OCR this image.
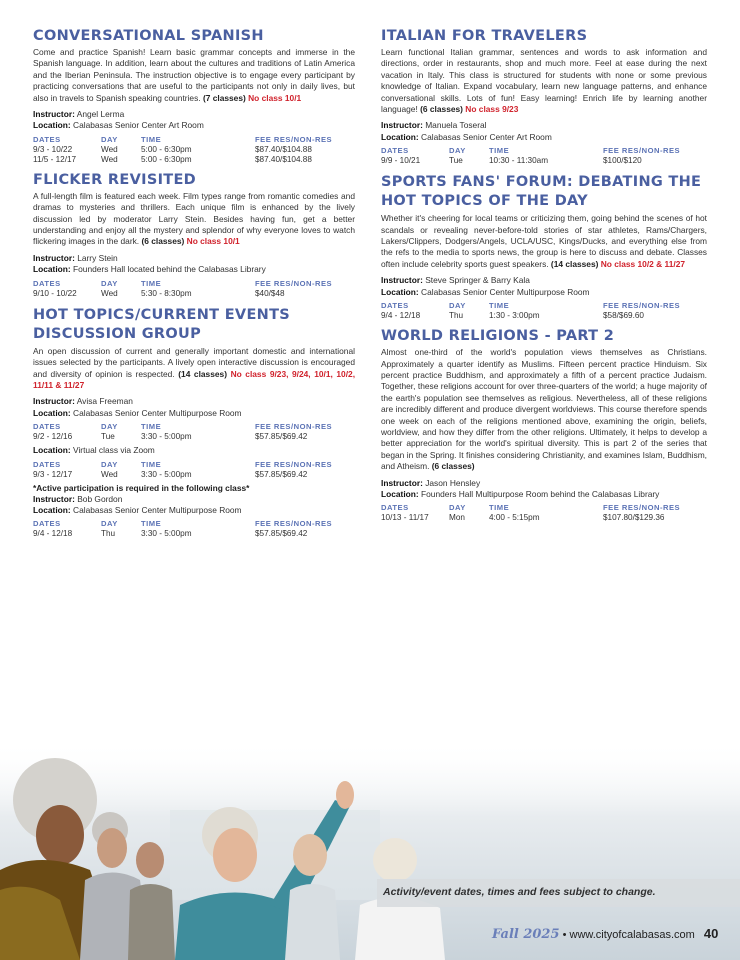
CONVERSATIONAL SPANISH

Come and practice Spanish! Learn basic grammar concepts and immerse in the Spanish language. In addition, learn about the cultures and traditions of Latin America and the Iberian Peninsula. The instruction objective is to engage every participant by practicing conversations that are useful to the participants not only in daily lives, but also in travels to Spanish speaking countries. (7 classes) No class 10/1

Instructor: Angel Lerma
Location: Calabasas Senior Center Art Room
DATES	DAY	TIME	FEE RES/NON-RES
9/3 - 10/22	Wed	5:00 - 6:30pm	$87.40/$104.88
11/5 - 12/17	Wed	5:00 - 6:30pm	$87.40/$104.88
FLICKER REVISITED

A full-length film is featured each week. Film types range from romantic comedies and dramas to mysteries and thrillers. Each unique film is enhanced by the lively discussion led by moderator Larry Stein. Besides having fun, get a better understanding and enjoy all the mystery and splendor of why everyone loves to watch flickering images in the dark. (6 classes) No class 10/1

Instructor: Larry Stein
Location: Founders Hall located behind the Calabasas Library
DATES	DAY	TIME	FEE RES/NON-RES
9/10 - 10/22	Wed	5:30 - 8:30pm	$40/$48
HOT TOPICS/CURRENT EVENTS DISCUSSION GROUP

An open discussion of current and generally important domestic and international issues selected by the participants. A lively open interactive discussion is encouraged and diversity of opinion is respected. (14 classes) No class 9/23, 9/24, 10/1, 10/2, 11/11 & 11/27

Instructor: Avisa Freeman
Location: Calabasas Senior Center Multipurpose Room
DATES	DAY	TIME	FEE RES/NON-RES
9/2 - 12/16	Tue	3:30 - 5:00pm	$57.85/$69.42
Location: Virtual class via Zoom
DATES	DAY	TIME	FEE RES/NON-RES
9/3 - 12/17	Wed	3:30 - 5:00pm	$57.85/$69.42
*Active participation is required in the following class*
Instructor: Bob Gordon
Location: Calabasas Senior Center Multipurpose Room
DATES	DAY	TIME	FEE RES/NON-RES
9/4 - 12/18	Thu	3:30 - 5:00pm	$57.85/$69.42
ITALIAN FOR TRAVELERS

Learn functional Italian grammar, sentences and words to ask information and directions, order in restaurants, shop and much more. Feel at ease during the next vacation in Italy. This class is structured for students with none or some previous knowledge of Italian. Expand vocabulary, learn new language patterns, and enhance conversational skills. Lots of fun! Easy learning! Enrich life by learning another language! (6 classes) No class 9/23

Instructor: Manuela Toseral
Location: Calabasas Senior Center Art Room
DATES	DAY	TIME	FEE RES/NON-RES
9/9 - 10/21	Tue	10:30 - 11:30am	$100/$120
SPORTS FANS' FORUM: DEBATING THE HOT TOPICS OF THE DAY

Whether it's cheering for local teams or criticizing them, going behind the scenes of hot scandals or revealing never-before-told stories of star athletes, Rams/Chargers, Lakers/Clippers, Dodgers/Angels, UCLA/USC, Kings/Ducks, and everything else from the refs to the media to sports news, the group is here to discuss and debate. Classes often include celebrity sports guest speakers. (14 classes) No class 10/2 & 11/27

Instructor: Steve Springer & Barry Kala
Location: Calabasas Senior Center Multipurpose Room
DATES	DAY	TIME	FEE RES/NON-RES
9/4 - 12/18	Thu	1:30 - 3:00pm	$58/$69.60
WORLD RELIGIONS - PART 2

Almost one-third of the world's population views themselves as Christians. Approximately a quarter identify as Muslims. Fifteen percent practice Hinduism. Six percent practice Buddhism, and approximately a fifth of a percent practice Judaism. Together, these religions account for over three-quarters of the world; a huge majority of the earth's population see themselves as religious. Nevertheless, all of these religions are incredibly different and produce divergent worldviews. This course therefore spends one week on each of the religions mentioned above, examining the origin, beliefs, worldview, and how they differ from the other religions. Ultimately, it helps to develop a better appreciation for the world's spiritual diversity. This is part 2 of the series that began in the Spring. It finishes considering Christianity, and examines Islam, Buddhism, and Atheism. (6 classes)

Instructor: Jason Hensley
Location: Founders Hall Multipurpose Room behind the Calabasas Library
DATES	DAY	TIME	FEE RES/NON-RES
10/13 - 11/17	Mon	4:00 - 5:15pm	$107.80/$129.36
Activity/event dates, times and fees subject to change.
Fall 2025 • www.cityofcalabasas.com 40
